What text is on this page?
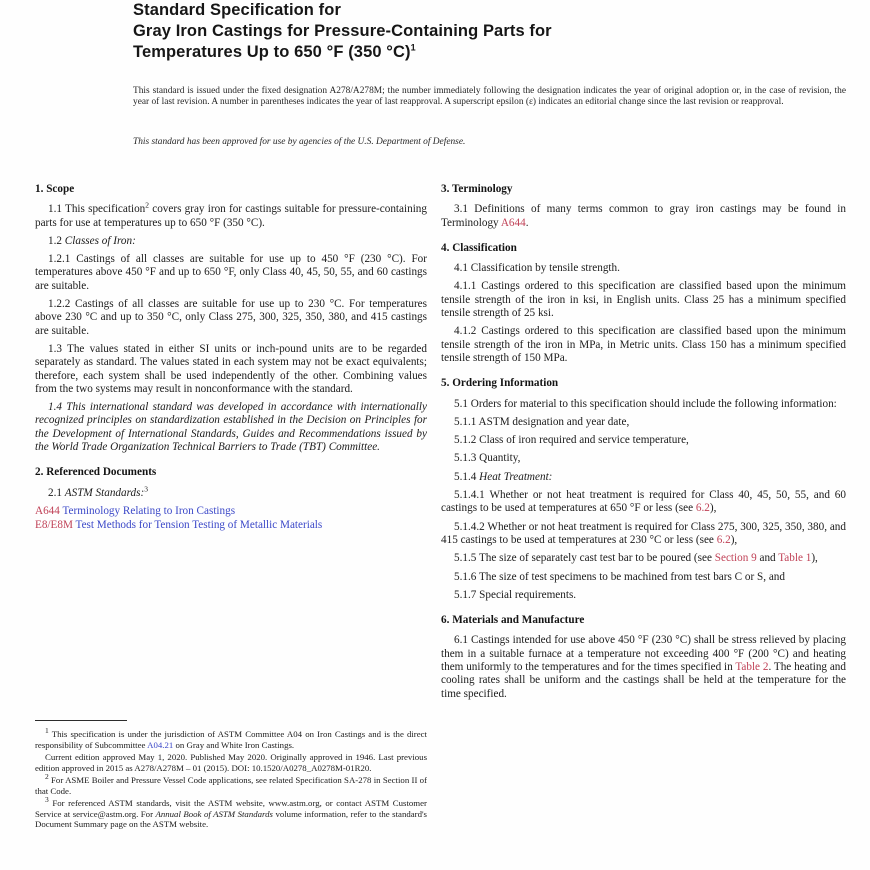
Standard Specification for
Gray Iron Castings for Pressure-Containing Parts for
Temperatures Up to 650 °F (350 °C)$^1$
This standard is issued under the fixed designation A278/A278M; the number immediately following the designation indicates the year of original adoption or, in the case of revision, the year of last revision. A number in parentheses indicates the year of last reapproval. A superscript epsilon (ε) indicates an editorial change since the last revision or reapproval.
This standard has been approved for use by agencies of the U.S. Department of Defense.
1. Scope
1.1 This specification$^2$ covers gray iron for castings suitable for pressure-containing parts for use at temperatures up to 650 °F (350 °C).
1.2 Classes of Iron:
1.2.1 Castings of all classes are suitable for use up to 450 °F (230 °C). For temperatures above 450 °F and up to 650 °F, only Class 40, 45, 50, 55, and 60 castings are suitable.
1.2.2 Castings of all classes are suitable for use up to 230 °C. For temperatures above 230 °C and up to 350 °C, only Class 275, 300, 325, 350, 380, and 415 castings are suitable.
1.3 The values stated in either SI units or inch-pound units are to be regarded separately as standard. The values stated in each system may not be exact equivalents; therefore, each system shall be used independently of the other. Combining values from the two systems may result in nonconformance with the standard.
1.4 This international standard was developed in accordance with internationally recognized principles on standardization established in the Decision on Principles for the Development of International Standards, Guides and Recommendations issued by the World Trade Organization Technical Barriers to Trade (TBT) Committee.
2. Referenced Documents
2.1 ASTM Standards:$^3$
A644 Terminology Relating to Iron Castings
E8/E8M Test Methods for Tension Testing of Metallic Materials
3. Terminology
3.1 Definitions of many terms common to gray iron castings may be found in Terminology A644.
4. Classification
4.1 Classification by tensile strength.
4.1.1 Castings ordered to this specification are classified based upon the minimum tensile strength of the iron in ksi, in English units. Class 25 has a minimum specified tensile strength of 25 ksi.
4.1.2 Castings ordered to this specification are classified based upon the minimum tensile strength of the iron in MPa, in Metric units. Class 150 has a minimum specified tensile strength of 150 MPa.
5. Ordering Information
5.1 Orders for material to this specification should include the following information:
5.1.1 ASTM designation and year date,
5.1.2 Class of iron required and service temperature,
5.1.3 Quantity,
5.1.4 Heat Treatment:
5.1.4.1 Whether or not heat treatment is required for Class 40, 45, 50, 55, and 60 castings to be used at temperatures at 650 °F or less (see 6.2),
5.1.4.2 Whether or not heat treatment is required for Class 275, 300, 325, 350, 380, and 415 castings to be used at temperatures at 230 °C or less (see 6.2),
5.1.5 The size of separately cast test bar to be poured (see Section 9 and Table 1),
5.1.6 The size of test specimens to be machined from test bars C or S, and
5.1.7 Special requirements.
6. Materials and Manufacture
6.1 Castings intended for use above 450 °F (230 °C) shall be stress relieved by placing them in a suitable furnace at a temperature not exceeding 400 °F (200 °C) and heating them uniformly to the temperatures and for the times specified in Table 2. The heating and cooling rates shall be uniform and the castings shall be held at the temperature for the time specified.
$^1$ This specification is under the jurisdiction of ASTM Committee A04 on Iron Castings and is the direct responsibility of Subcommittee A04.21 on Gray and White Iron Castings.
Current edition approved May 1, 2020. Published May 2020. Originally approved in 1946. Last previous edition approved in 2015 as A278/A278M – 01 (2015). DOI: 10.1520/A0278_A0278M-01R20.
$^2$ For ASME Boiler and Pressure Vessel Code applications, see related Specification SA-278 in Section II of that Code.
$^3$ For referenced ASTM standards, visit the ASTM website, www.astm.org, or contact ASTM Customer Service at service@astm.org. For Annual Book of ASTM Standards volume information, refer to the standard's Document Summary page on the ASTM website.
